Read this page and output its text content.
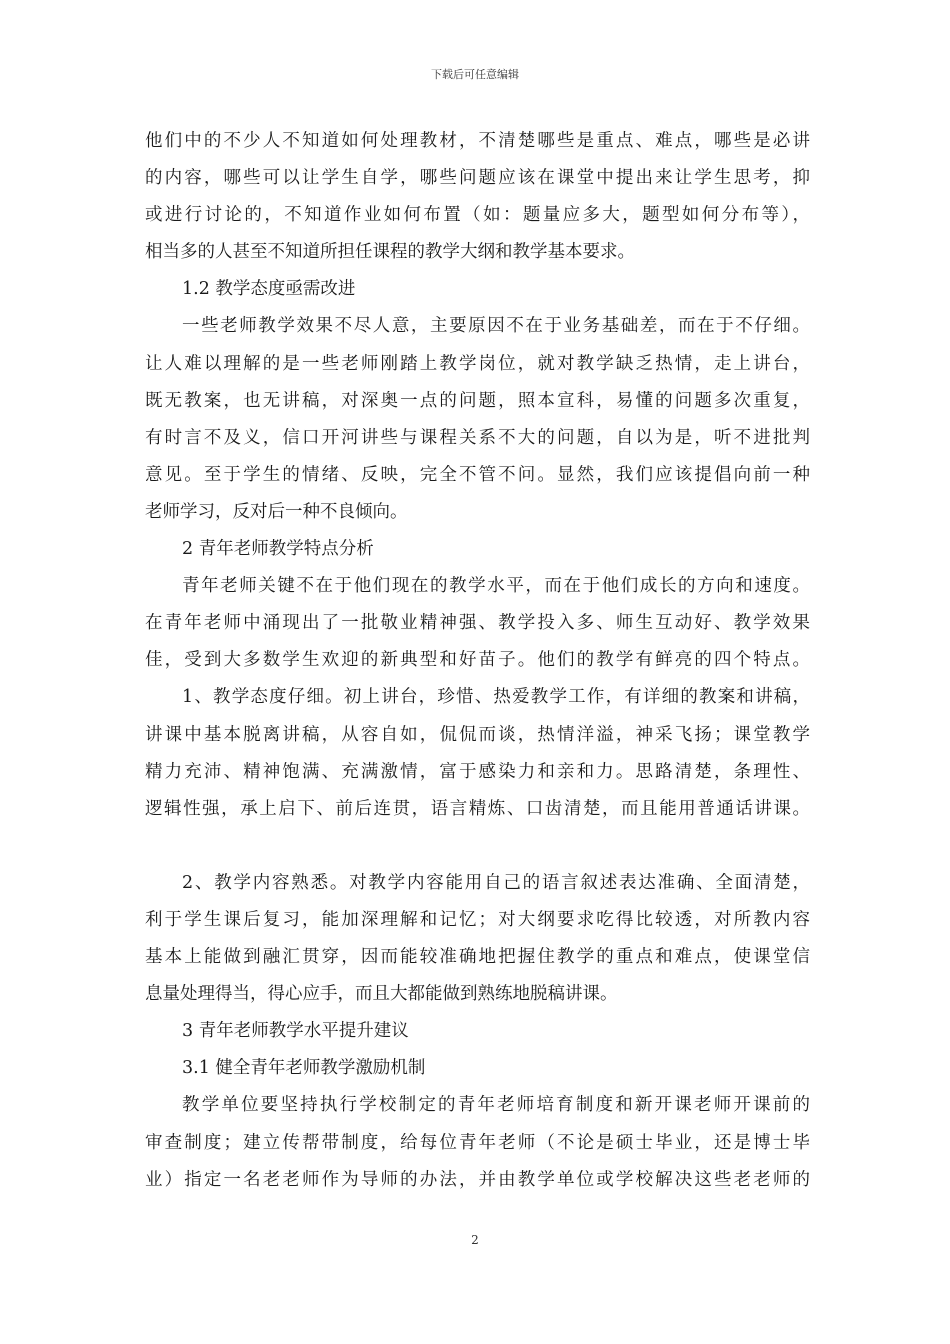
下载后可任意编辑
他们中的不少人不知道如何处理教材，不清楚哪些是重点、难点，哪些是必讲
的内容，哪些可以让学生自学，哪些问题应该在课堂中提出来让学生思考，抑
或进行讨论的，不知道作业如何布置（如：题量应多大，题型如何分布等），
相当多的人甚至不知道所担任课程的教学大纲和教学基本要求。
1.2 教学态度亟需改进
一些老师教学效果不尽人意，主要原因不在于业务基础差，而在于不仔细。
让人难以理解的是一些老师刚踏上教学岗位，就对教学缺乏热情，走上讲台，
既无教案，也无讲稿，对深奥一点的问题，照本宣科，易懂的问题多次重复，
有时言不及义，信口开河讲些与课程关系不大的问题，自以为是，听不进批判
意见。至于学生的情绪、反映，完全不管不问。显然，我们应该提倡向前一种
老师学习，反对后一种不良倾向。
2 青年老师教学特点分析
青年老师关键不在于他们现在的教学水平，而在于他们成长的方向和速度。
在青年老师中涌现出了一批敬业精神强、教学投入多、师生互动好、教学效果
佳，受到大多数学生欢迎的新典型和好苗子。他们的教学有鲜亮的四个特点。
1、教学态度仔细。初上讲台，珍惜、热爱教学工作，有详细的教案和讲稿，
讲课中基本脱离讲稿，从容自如，侃侃而谈，热情洋溢，神采飞扬；课堂教学
精力充沛、精神饱满、充满激情，富于感染力和亲和力。思路清楚，条理性、
逻辑性强，承上启下、前后连贯，语言精炼、口齿清楚，而且能用普通话讲课。
2、教学内容熟悉。对教学内容能用自己的语言叙述表达准确、全面清楚，
利于学生课后复习，能加深理解和记忆；对大纲要求吃得比较透，对所教内容
基本上能做到融汇贯穿，因而能较准确地把握住教学的重点和难点，使课堂信
息量处理得当，得心应手，而且大都能做到熟练地脱稿讲课。
3 青年老师教学水平提升建议
3.1 健全青年老师教学激励机制
教学单位要坚持执行学校制定的青年老师培育制度和新开课老师开课前的
审查制度；建立传帮带制度，给每位青年老师（不论是硕士毕业，还是博士毕
业）指定一名老老师作为导师的办法，并由教学单位或学校解决这些老老师的
2
